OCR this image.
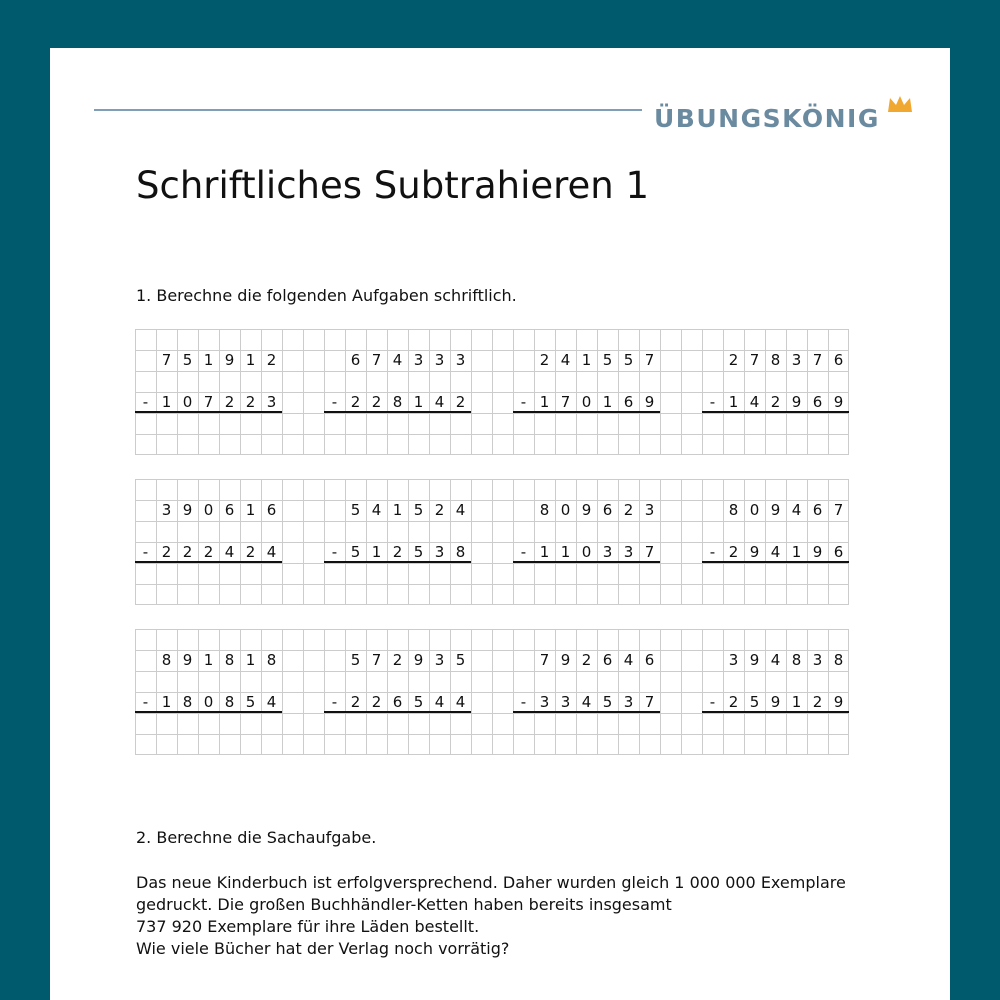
ÜBUNGSKÖNIG
Schriftliches Subtrahieren 1
1. Berechne die folgenden Aufgaben schriftlich.
7 5 1 9 1 2
- 1 0 7 2 2 3
6 7 4 3 3 3
- 2 2 8 1 4 2
2 4 1 5 5 7
- 1 7 0 1 6 9
2 7 8 3 7 6
- 1 4 2 9 6 9
3 9 0 6 1 6
- 2 2 2 4 2 4
5 4 1 5 2 4
- 5 1 2 5 3 8
8 0 9 6 2 3
- 1 1 0 3 3 7
8 0 9 4 6 7
- 2 9 4 1 9 6
8 9 1 8 1 8
- 1 8 0 8 5 4
5 7 2 9 3 5
- 2 2 6 5 4 4
7 9 2 6 4 6
- 3 3 4 5 3 7
3 9 4 8 3 8
- 2 5 9 1 2 9
2. Berechne die Sachaufgabe.
Das neue Kinderbuch ist erfolgversprechend. Daher wurden gleich 1 000 000 Exemplare
gedruckt. Die großen Buchhändler-Ketten haben bereits insgesamt
737 920 Exemplare für ihre Läden bestellt.
Wie viele Bücher hat der Verlag noch vorrätig?
